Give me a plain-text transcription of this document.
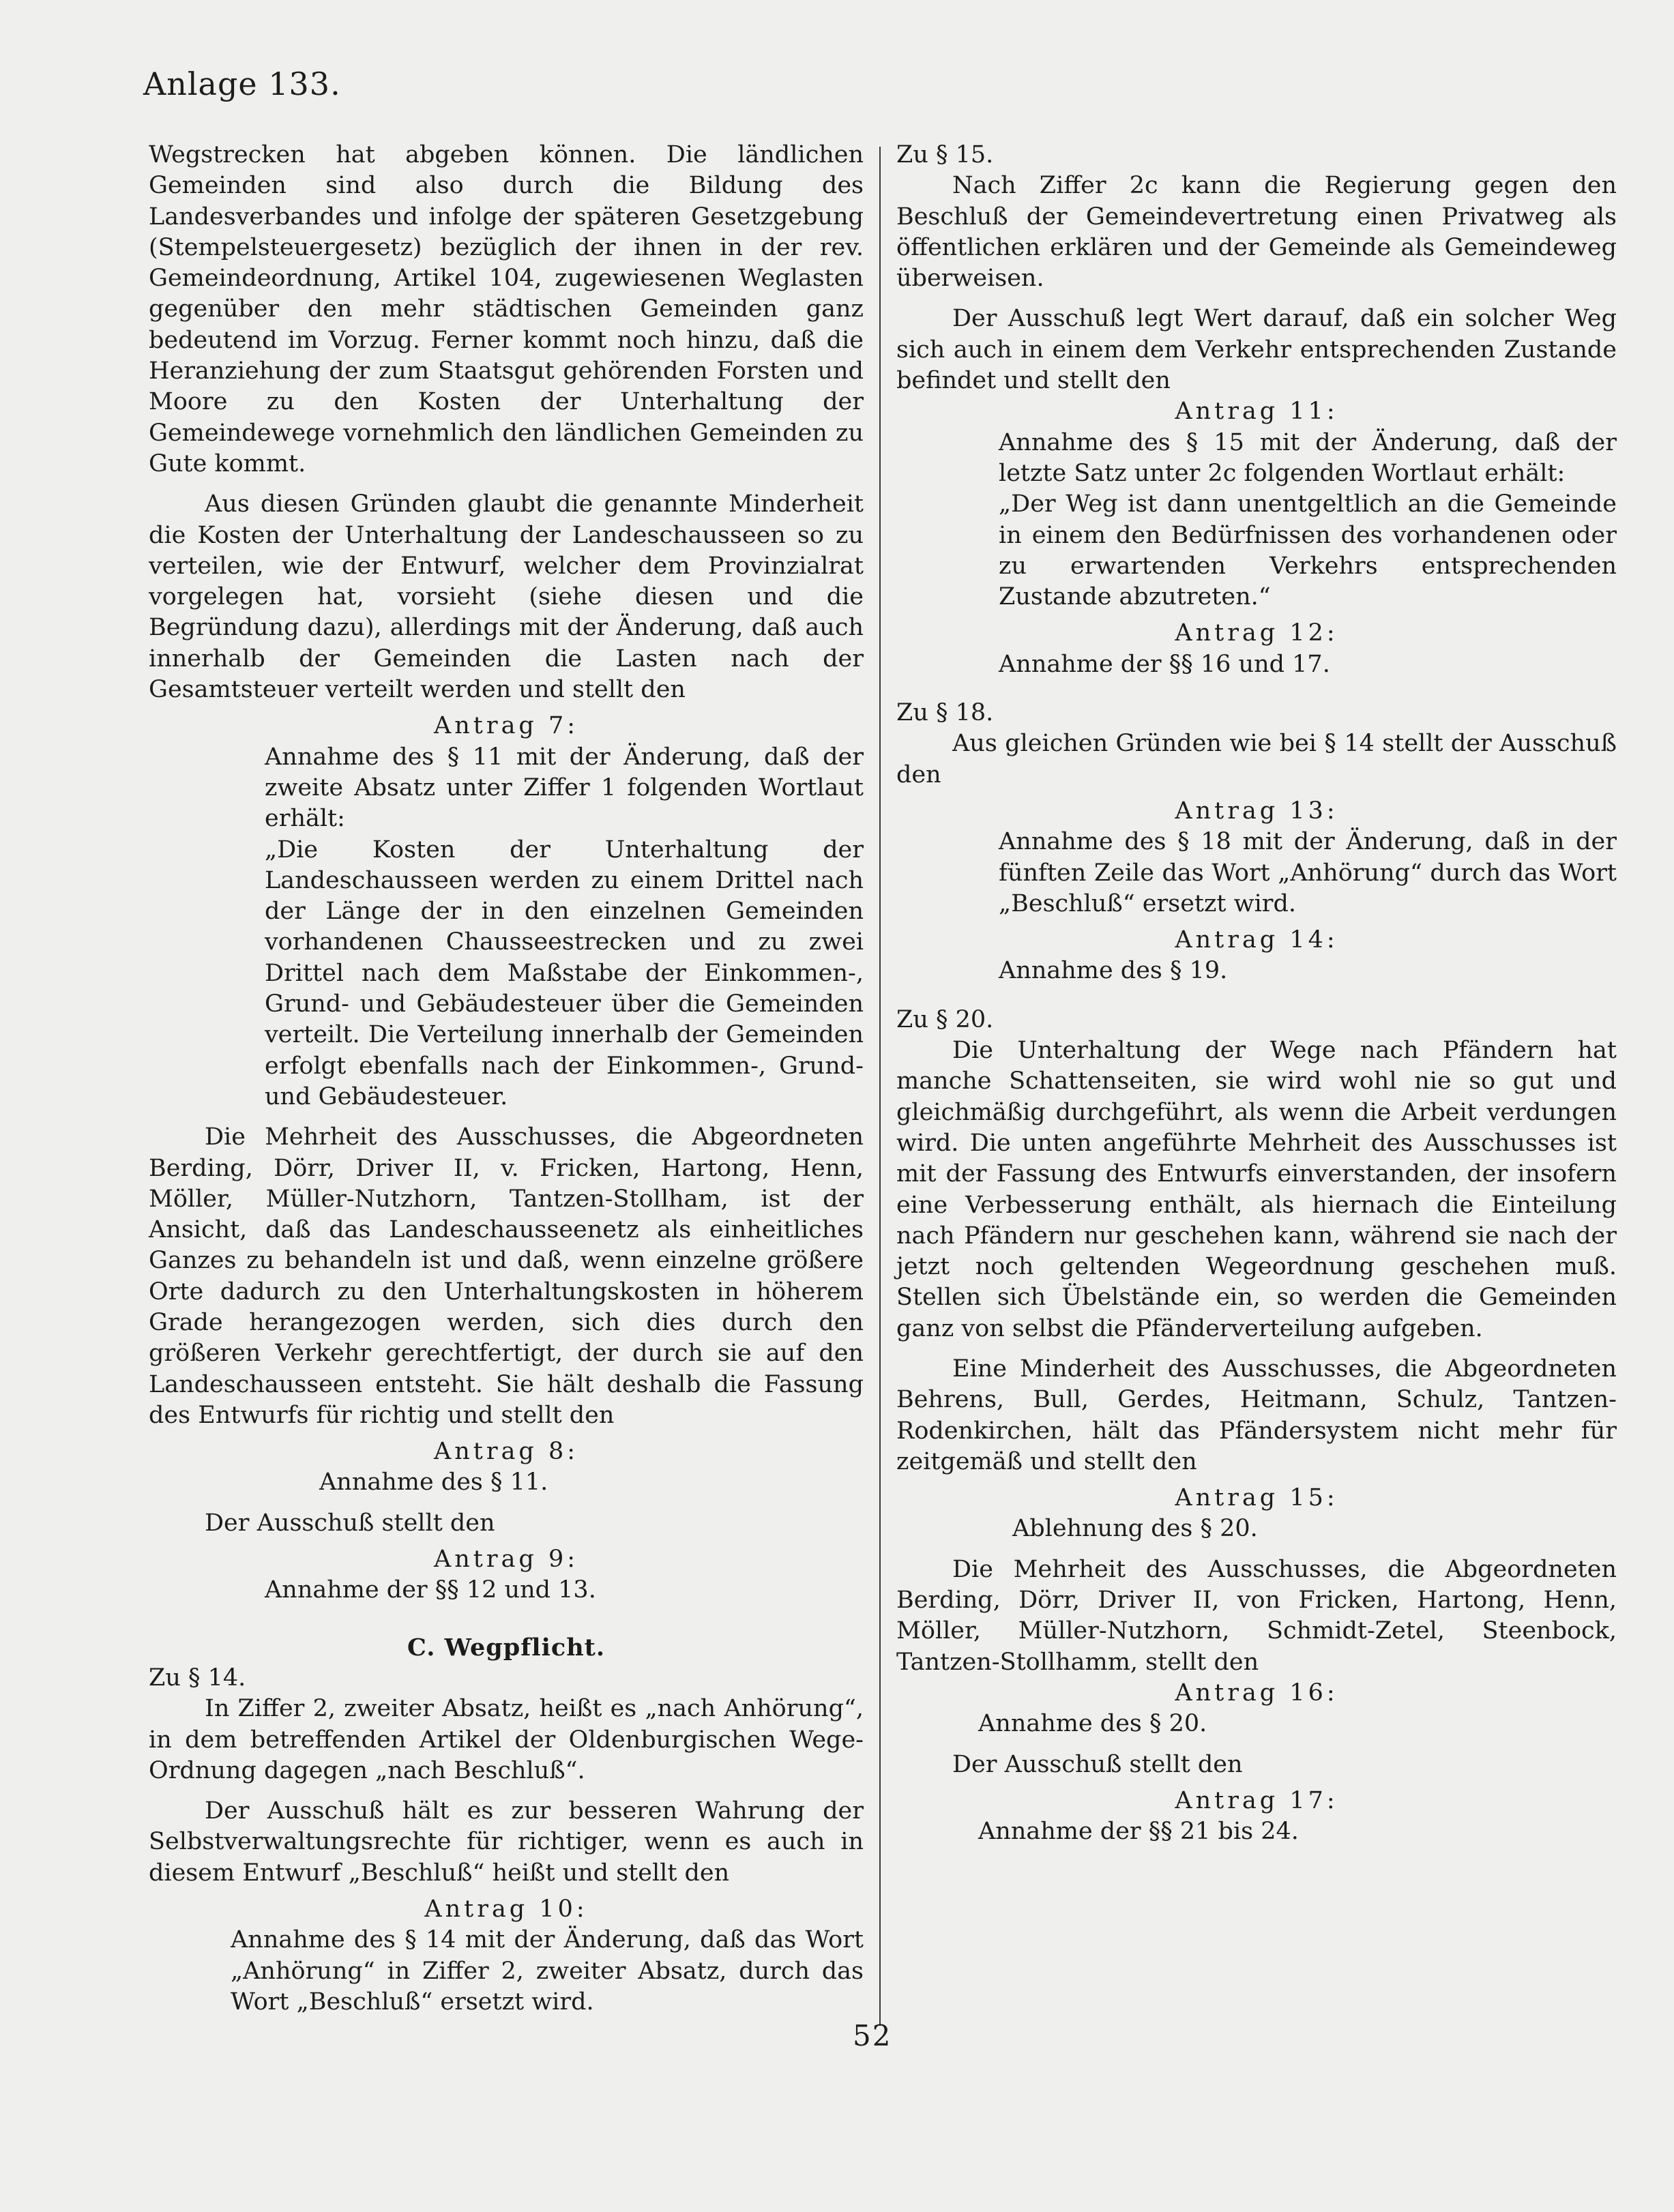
Anlage 133.

Wegstrecken hat abgeben können. Die ländlichen Gemeinden sind also durch die Bildung des Landesverbandes und infolge der späteren Gesetzgebung (Stempelsteuergesetz) bezüglich der ihnen in der rev. Gemeindeordnung, Artikel 104, zugewiesenen Weglasten gegenüber den mehr städtischen Gemeinden ganz bedeutend im Vorzug. Ferner kommt noch hinzu, daß die Heranziehung der zum Staatsgut gehörenden Forsten und Moore zu den Kosten der Unterhaltung der Gemeindewege vornehmlich den ländlichen Gemeinden zu Gute kommt.

Aus diesen Gründen glaubt die genannte Minderheit die Kosten der Unterhaltung der Landeschausseen so zu verteilen, wie der Entwurf, welcher dem Provinzialrat vorgelegen hat, vorsieht (siehe diesen und die Begründung dazu), allerdings mit der Änderung, daß auch innerhalb der Gemeinden die Lasten nach der Gesamtsteuer verteilt werden und stellt den

Antrag 7:

Annahme des § 11 mit der Änderung, daß der zweite Absatz unter Ziffer 1 folgenden Wortlaut erhält:

„Die Kosten der Unterhaltung der Landeschausseen werden zu einem Drittel nach der Länge der in den einzelnen Gemeinden vorhandenen Chausseestrecken und zu zwei Drittel nach dem Maßstabe der Einkommen-, Grund- und Gebäudesteuer über die Gemeinden verteilt. Die Verteilung innerhalb der Gemeinden erfolgt ebenfalls nach der Einkommen-, Grund- und Gebäudesteuer.

Die Mehrheit des Ausschusses, die Abgeordneten Berding, Dörr, Driver II, v. Fricken, Hartong, Henn, Möller, Müller-Nutzhorn, Tantzen-Stollham, ist der Ansicht, daß das Landeschausseenetz als einheitliches Ganzes zu behandeln ist und daß, wenn einzelne größere Orte dadurch zu den Unterhaltungskosten in höherem Grade herangezogen werden, sich dies durch den größeren Verkehr gerechtfertigt, der durch sie auf den Landeschausseen entsteht. Sie hält deshalb die Fassung des Entwurfs für richtig und stellt den

Antrag 8:

Annahme des § 11.

Der Ausschuß stellt den

Antrag 9:

Annahme der §§ 12 und 13.

C. Wegpflicht.

Zu § 14.

In Ziffer 2, zweiter Absatz, heißt es „nach Anhörung“, in dem betreffenden Artikel der Oldenburgischen Wege-Ordnung dagegen „nach Beschluß“.

Der Ausschuß hält es zur besseren Wahrung der Selbstverwaltungsrechte für richtiger, wenn es auch in diesem Entwurf „Beschluß“ heißt und stellt den

Antrag 10:

Annahme des § 14 mit der Änderung, daß das Wort „Anhörung“ in Ziffer 2, zweiter Absatz, durch das Wort „Beschluß“ ersetzt wird.

Zu § 15.

Nach Ziffer 2c kann die Regierung gegen den Beschluß der Gemeindevertretung einen Privatweg als öffentlichen erklären und der Gemeinde als Gemeindeweg überweisen.

Der Ausschuß legt Wert darauf, daß ein solcher Weg sich auch in einem dem Verkehr entsprechenden Zustande befindet und stellt den

Antrag 11:

Annahme des § 15 mit der Änderung, daß der letzte Satz unter 2c folgenden Wortlaut erhält:

„Der Weg ist dann unentgeltlich an die Gemeinde in einem den Bedürfnissen des vorhandenen oder zu erwartenden Verkehrs entsprechenden Zustande abzutreten.“

Antrag 12:

Annahme der §§ 16 und 17.

Zu § 18.

Aus gleichen Gründen wie bei § 14 stellt der Ausschuß den

Antrag 13:

Annahme des § 18 mit der Änderung, daß in der fünften Zeile das Wort „Anhörung“ durch das Wort „Beschluß“ ersetzt wird.

Antrag 14:

Annahme des § 19.

Zu § 20.

Die Unterhaltung der Wege nach Pfändern hat manche Schattenseiten, sie wird wohl nie so gut und gleichmäßig durchgeführt, als wenn die Arbeit verdungen wird. Die unten angeführte Mehrheit des Ausschusses ist mit der Fassung des Entwurfs einverstanden, der insofern eine Verbesserung enthält, als hiernach die Einteilung nach Pfändern nur geschehen kann, während sie nach der jetzt noch geltenden Wegeordnung geschehen muß. Stellen sich Übelstände ein, so werden die Gemeinden ganz von selbst die Pfänderverteilung aufgeben.

Eine Minderheit des Ausschusses, die Abgeordneten Behrens, Bull, Gerdes, Heitmann, Schulz, Tantzen-Rodenkirchen, hält das Pfändersystem nicht mehr für zeitgemäß und stellt den

Antrag 15:

Ablehnung des § 20.

Die Mehrheit des Ausschusses, die Abgeordneten Berding, Dörr, Driver II, von Fricken, Hartong, Henn, Möller, Müller-Nutzhorn, Schmidt-Zetel, Steenbock, Tantzen-Stollhamm, stellt den

Antrag 16:

Annahme des § 20.

Der Ausschuß stellt den

Antrag 17:

Annahme der §§ 21 bis 24.

52
